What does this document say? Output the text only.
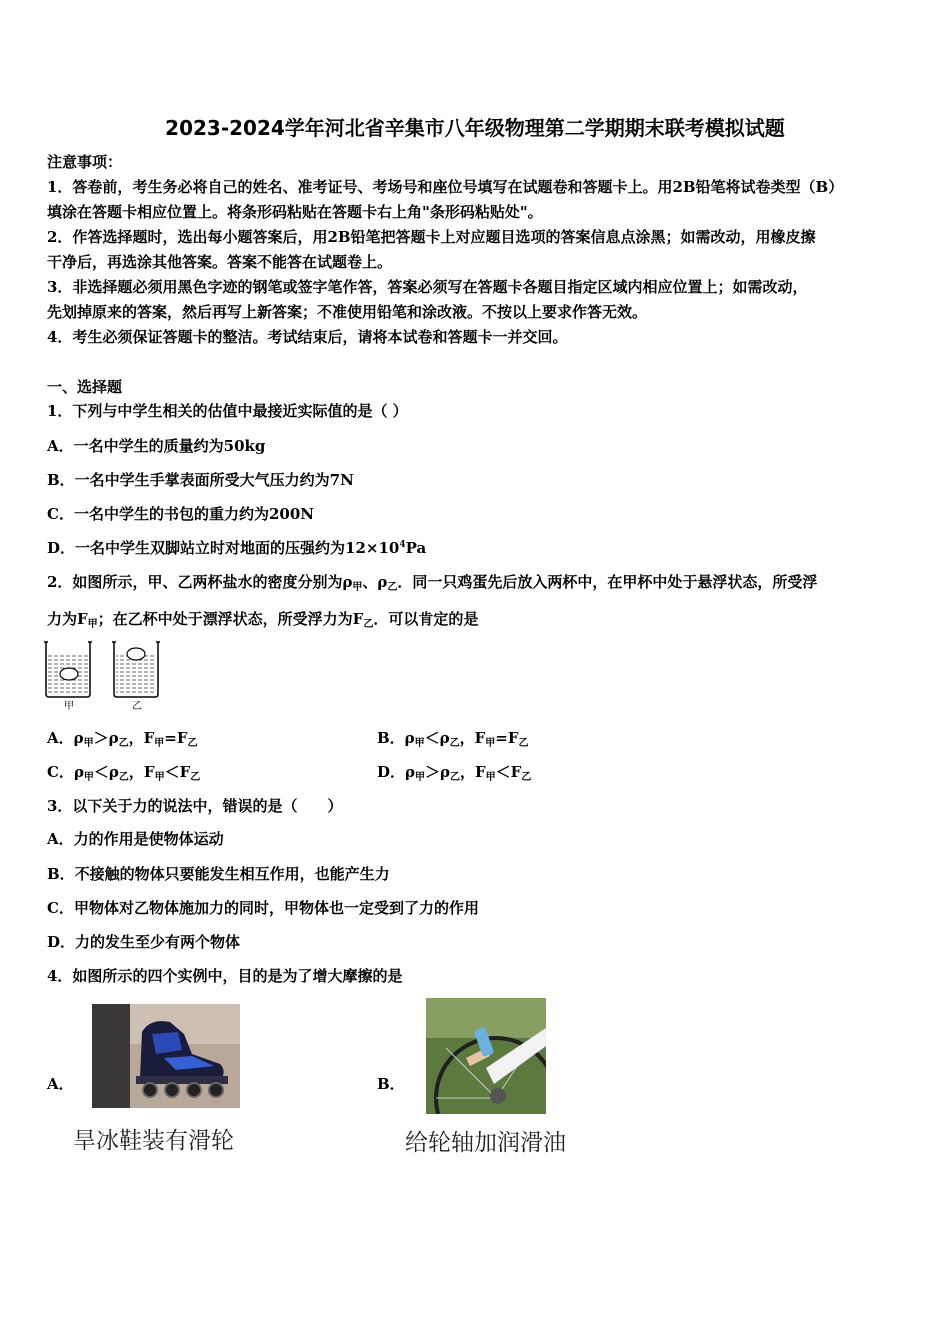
2023-2024学年河北省辛集市八年级物理第二学期期末联考模拟试题
注意事项：
1．答卷前，考生务必将自己的姓名、准考证号、考场号和座位号填写在试题卷和答题卡上。用2B铅笔将试卷类型（B）
填涂在答题卡相应位置上。将条形码粘贴在答题卡右上角"条形码粘贴处"。
2．作答选择题时，选出每小题答案后，用2B铅笔把答题卡上对应题目选项的答案信息点涂黑；如需改动，用橡皮擦
干净后，再选涂其他答案。答案不能答在试题卷上。
3．非选择题必须用黑色字迹的钢笔或签字笔作答，答案必须写在答题卡各题目指定区域内相应位置上；如需改动，
先划掉原来的答案，然后再写上新答案；不准使用铅笔和涂改液。不按以上要求作答无效。
4．考生必须保证答题卡的整洁。考试结束后，请将本试卷和答题卡一并交回。
一、选择题
1．下列与中学生相关的估值中最接近实际值的是（ ）
A．一名中学生的质量约为50kg
B．一名中学生手掌表面所受大气压力约为7N
C．一名中学生的书包的重力约为200N
D．一名中学生双脚站立时对地面的压强约为$12\times 10^4Pa$
2．如图所示，甲、乙两杯盐水的密度分别为$\rho_甲$、$\rho_乙$．同一只鸡蛋先后放入两杯中，在甲杯中处于悬浮状态，所受浮
力为$F_甲$；在乙杯中处于漂浮状态，所受浮力为$F_乙$．可以肯定的是
甲	乙
A．$\rho_甲>\rho_乙$，$F_甲=F_乙$	B．$\rho_甲<\rho_乙$，$F_甲=F_乙$
C．$\rho_甲<\rho_乙$，$F_甲<F_乙$	D．$\rho_甲>\rho_乙$，$F_甲<F_乙$
3．以下关于力的说法中，错误的是（　　）
A．力的作用是使物体运动
B．不接触的物体只要能发生相互作用，也能产生力
C．甲物体对乙物体施加力的同时，甲物体也一定受到了力的作用
D．力的发生至少有两个物体
4．如图所示的四个实例中，目的是为了增大摩擦的是
A．
旱冰鞋装有滑轮
B．
给轮轴加润滑油
